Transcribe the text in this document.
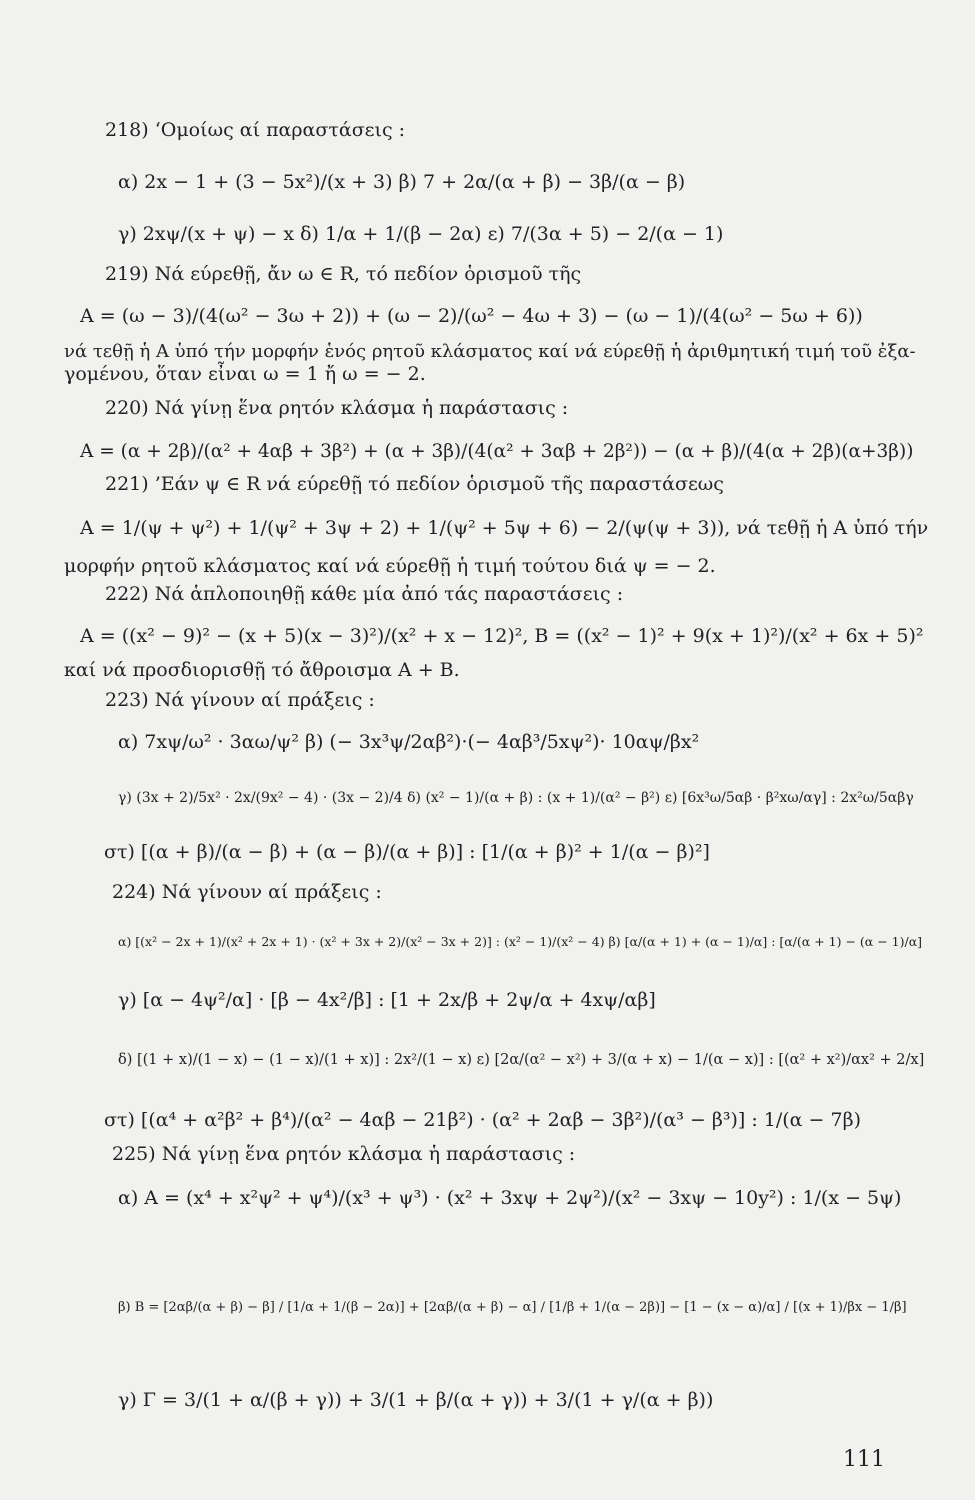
218) ‘Ομοίως αί παραστάσεις :
α) 2x − 1 + (3 − 5x²)/(x + 3) β) 7 + 2α/(α + β) − 3β/(α − β)
γ) 2xψ/(x + ψ) − x δ) 1/α + 1/(β − 2α) ε) 7/(3α + 5) − 2/(α − 1)
219) Νά εύρεθῇ, ἄν ω ∈ R, τό πεδίον ὁρισμοῦ τῆς
A = (ω − 3)/(4(ω² − 3ω + 2)) + (ω − 2)/(ω² − 4ω + 3) − (ω − 1)/(4(ω² − 5ω + 6))
νά τεθῇ ἡ A ὑπό τήν μορφήν ἑνός ρητοῦ κλάσματος καί νά εύρεθῇ ἡ ἀριθμητική τιμή τοῦ ἐξα-
γομένου, ὅταν εἶναι ω = 1 ἤ ω = − 2.
220) Νά γίνῃ ἕνα ρητόν κλάσμα ἡ παράστασις :
A = (α + 2β)/(α² + 4αβ + 3β²) + (α + 3β)/(4(α² + 3αβ + 2β²)) − (α + β)/(4(α + 2β)(α+3β))
221) ’Εάν ψ ∈ R νά εύρεθῇ τό πεδίον ὁρισμοῦ τῆς παραστάσεως
A = 1/(ψ + ψ²) + 1/(ψ² + 3ψ + 2) + 1/(ψ² + 5ψ + 6) − 2/(ψ(ψ + 3)), νά τεθῇ ἡ A ὑπό τήν
μορφήν ρητοῦ κλάσματος καί νά εύρεθῇ ἡ τιμή τούτου διά ψ = − 2.
222) Νά ἁπλοποιηθῇ κάθε μία ἀπό τάς παραστάσεις :
A = ((x² − 9)² − (x + 5)(x − 3)²)/(x² + x − 12)², B = ((x² − 1)² + 9(x + 1)²)/(x² + 6x + 5)²
καί νά προσδιορισθῇ τό ἄθροισμα A + B.
223) Νά γίνουν αί πράξεις :
α) 7xψ/ω² · 3αω/ψ² β) (− 3x³ψ/2αβ²)·(− 4αβ³/5xψ²)· 10αψ/βx²
γ) (3x + 2)/5x² · 2x/(9x² − 4) · (3x − 2)/4 δ) (x² − 1)/(α + β) : (x + 1)/(α² − β²) ε) [6x³ω/5αβ · β²xω/αγ] : 2x²ω/5αβγ
στ) [(α + β)/(α − β) + (α − β)/(α + β)] : [1/(α + β)² + 1/(α − β)²]
224) Νά γίνουν αί πράξεις :
α) [(x² − 2x + 1)/(x² + 2x + 1) · (x² + 3x + 2)/(x² − 3x + 2)] : (x² − 1)/(x² − 4) β) [α/(α + 1) + (α − 1)/α] : [α/(α + 1) − (α − 1)/α]
γ) [α − 4ψ²/α] · [β − 4x²/β] : [1 + 2x/β + 2ψ/α + 4xψ/αβ]
δ) [(1 + x)/(1 − x) − (1 − x)/(1 + x)] : 2x²/(1 − x) ε) [2α/(α² − x²) + 3/(α + x) − 1/(α − x)] : [(α² + x²)/αx² + 2/x]
στ) [(α⁴ + α²β² + β⁴)/(α² − 4αβ − 21β²) · (α² + 2αβ − 3β²)/(α³ − β³)] : 1/(α − 7β)
225) Νά γίνῃ ἕνα ρητόν κλάσμα ἡ παράστασις :
α) A = (x⁴ + x²ψ² + ψ⁴)/(x³ + ψ³) · (x² + 3xψ + 2ψ²)/(x² − 3xψ − 10y²) : 1/(x − 5ψ)
β) B = [2αβ/(α + β) − β] / [1/α + 1/(β − 2α)] + [2αβ/(α + β) − α] / [1/β + 1/(α − 2β)] − [1 − (x − α)/α] / [(x + 1)/βx − 1/β]
γ) Γ = 3/(1 + α/(β + γ)) + 3/(1 + β/(α + γ)) + 3/(1 + γ/(α + β))
111
